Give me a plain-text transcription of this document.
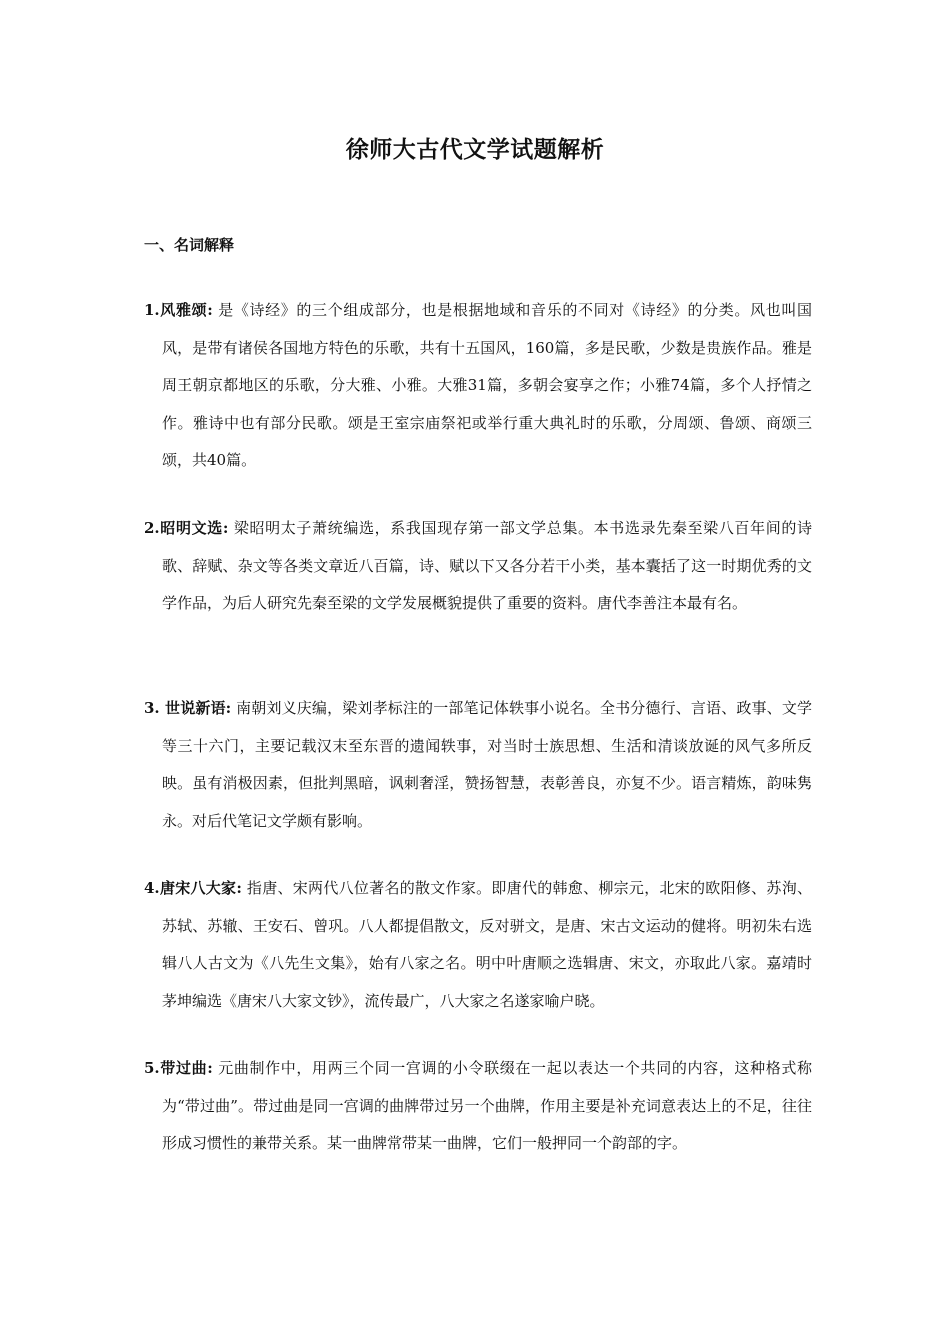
徐师大古代文学试题解析
一、名词解释
1.风雅颂: 是《诗经》的三个组成部分，也是根据地域和音乐的不同对《诗经》的分类。风也叫国风，是带有诸侯各国地方特色的乐歌，共有十五国风，160篇，多是民歌，少数是贵族作品。雅是周王朝京都地区的乐歌，分大雅、小雅。大雅31篇，多朝会宴享之作；小雅74篇，多个人抒情之作。雅诗中也有部分民歌。颂是王室宗庙祭祀或举行重大典礼时的乐歌，分周颂、鲁颂、商颂三颂，共40篇。
2.昭明文选: 梁昭明太子萧统编选，系我国现存第一部文学总集。本书选录先秦至梁八百年间的诗歌、辞赋、杂文等各类文章近八百篇，诗、赋以下又各分若干小类，基本囊括了这一时期优秀的文学作品，为后人研究先秦至梁的文学发展概貌提供了重要的资料。唐代李善注本最有名。
3. 世说新语: 南朝刘义庆编，梁刘孝标注的一部笔记体轶事小说名。全书分德行、言语、政事、文学等三十六门，主要记载汉末至东晋的遗闻轶事，对当时士族思想、生活和清谈放诞的风气多所反映。虽有消极因素，但批判黑暗，讽刺奢淫，赞扬智慧，表彰善良，亦复不少。语言精炼，韵味隽永。对后代笔记文学颇有影响。
4.唐宋八大家: 指唐、宋两代八位著名的散文作家。即唐代的韩愈、柳宗元，北宋的欧阳修、苏洵、苏轼、苏辙、王安石、曾巩。八人都提倡散文，反对骈文，是唐、宋古文运动的健将。明初朱右选辑八人古文为《八先生文集》，始有八家之名。明中叶唐顺之选辑唐、宋文，亦取此八家。嘉靖时茅坤编选《唐宋八大家文钞》，流传最广，八大家之名遂家喻户晓。
5.带过曲: 元曲制作中，用两三个同一宫调的小令联缀在一起以表达一个共同的内容，这种格式称为“带过曲”。带过曲是同一宫调的曲牌带过另一个曲牌，作用主要是补充词意表达上的不足，往往形成习惯性的兼带关系。某一曲牌常带某一曲牌，它们一般押同一个韵部的字。
